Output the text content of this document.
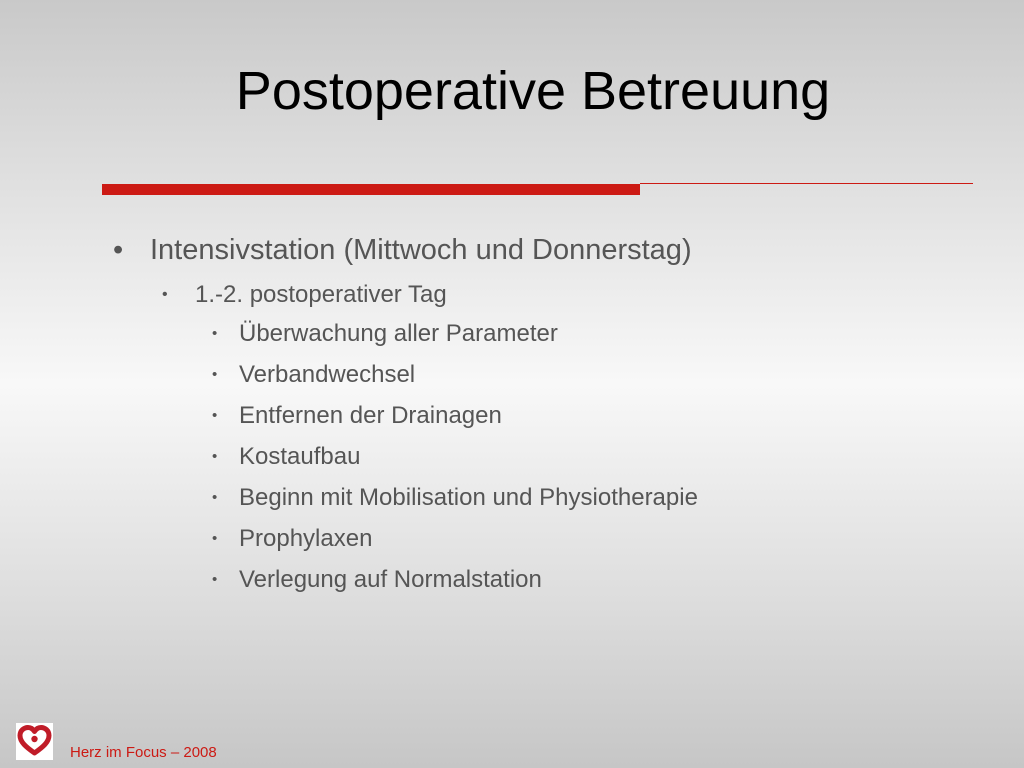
Postoperative Betreuung
• Intensivstation (Mittwoch und Donnerstag)
• 1.-2. postoperativer Tag
• Überwachung aller Parameter
• Verbandwechsel
• Entfernen der Drainagen
• Kostaufbau
• Beginn mit Mobilisation und Physiotherapie
• Prophylaxen
• Verlegung auf Normalstation
Herz im Focus – 2008
